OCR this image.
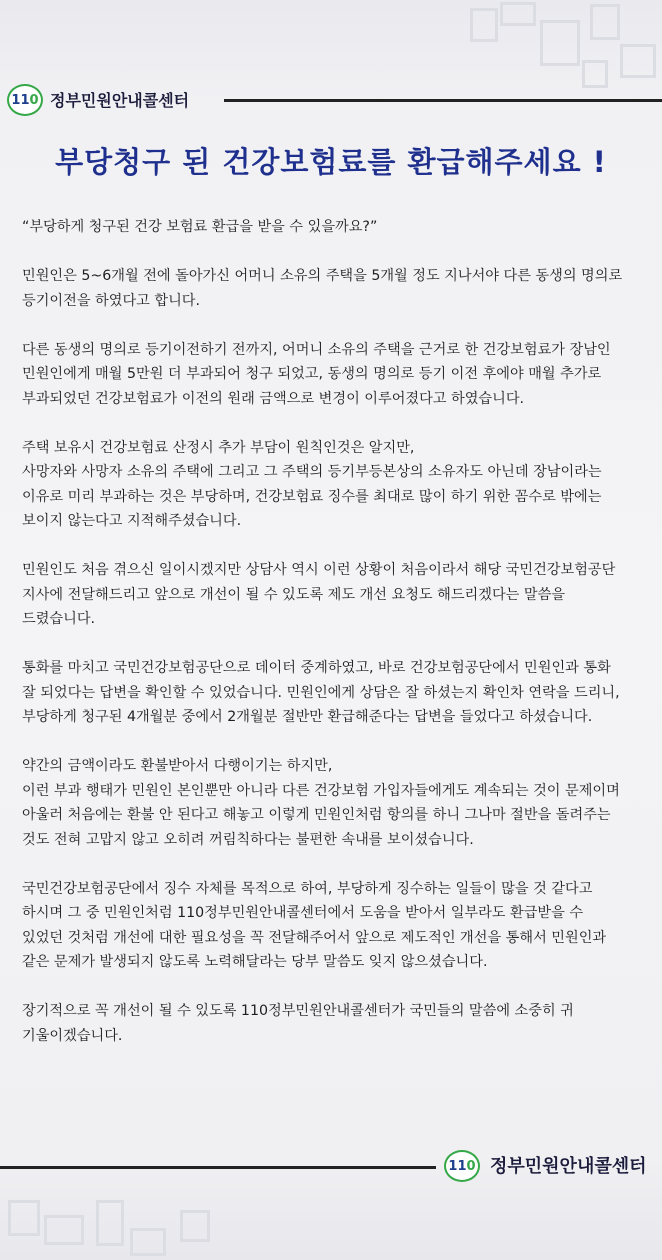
110 정부민원안내콜센터
부당청구 된 건강보험료를 환급해주세요 !

“부당하게 청구된 건강 보험료 환급을 받을 수 있을까요?”

민원인은 5~6개월 전에 돌아가신 어머니 소유의 주택을 5개월 정도 지나서야 다른 동생의 명의로
등기이전을 하였다고 합니다.

다른 동생의 명의로 등기이전하기 전까지, 어머니 소유의 주택을 근거로 한 건강보험료가 장남인
민원인에게 매월 5만원 더 부과되어 청구 되었고, 동생의 명의로 등기 이전 후에야 매월 추가로
부과되었던 건강보험료가 이전의 원래 금액으로 변경이 이루어졌다고 하였습니다.

주택 보유시 건강보험료 산정시 추가 부담이 원칙인것은 알지만,
사망자와 사망자 소유의 주택에 그리고 그 주택의 등기부등본상의 소유자도 아닌데 장남이라는
이유로 미리 부과하는 것은 부당하며, 건강보험료 징수를 최대로 많이 하기 위한 꼼수로 밖에는
보이지 않는다고 지적해주셨습니다.

민원인도 처음 겪으신 일이시겠지만 상담사 역시 이런 상황이 처음이라서 해당 국민건강보험공단
지사에 전달해드리고 앞으로 개선이 될 수 있도록 제도 개선 요청도 해드리겠다는 말씀을
드렸습니다.

통화를 마치고 국민건강보험공단으로 데이터 중계하였고, 바로 건강보험공단에서 민원인과 통화
잘 되었다는 답변을 확인할 수 있었습니다. 민원인에게 상담은 잘 하셨는지 확인차 연락을 드리니,
부당하게 청구된 4개월분 중에서 2개월분 절반만 환급해준다는 답변을 들었다고 하셨습니다.

약간의 금액이라도 환불받아서 다행이기는 하지만,
이런 부과 행태가 민원인 본인뿐만 아니라 다른 건강보험 가입자들에게도 계속되는 것이 문제이며
아울러 처음에는 환불 안 된다고 해놓고 이렇게 민원인처럼 항의를 하니 그나마 절반을 돌려주는
것도 전혀 고맙지 않고 오히려 꺼림칙하다는 불편한 속내를 보이셨습니다.

국민건강보험공단에서 징수 자체를 목적으로 하여, 부당하게 징수하는 일들이 많을 것 같다고
하시며 그 중 민원인처럼 110정부민원안내콜센터에서 도움을 받아서 일부라도 환급받을 수
있었던 것처럼 개선에 대한 필요성을 꼭 전달해주어서 앞으로 제도적인 개선을 통해서 민원인과
같은 문제가 발생되지 않도록 노력해달라는 당부 말씀도 잊지 않으셨습니다.

장기적으로 꼭 개선이 될 수 있도록 110정부민원안내콜센터가 국민들의 말씀에 소중히 귀
기울이겠습니다.

110 정부민원안내콜센터
